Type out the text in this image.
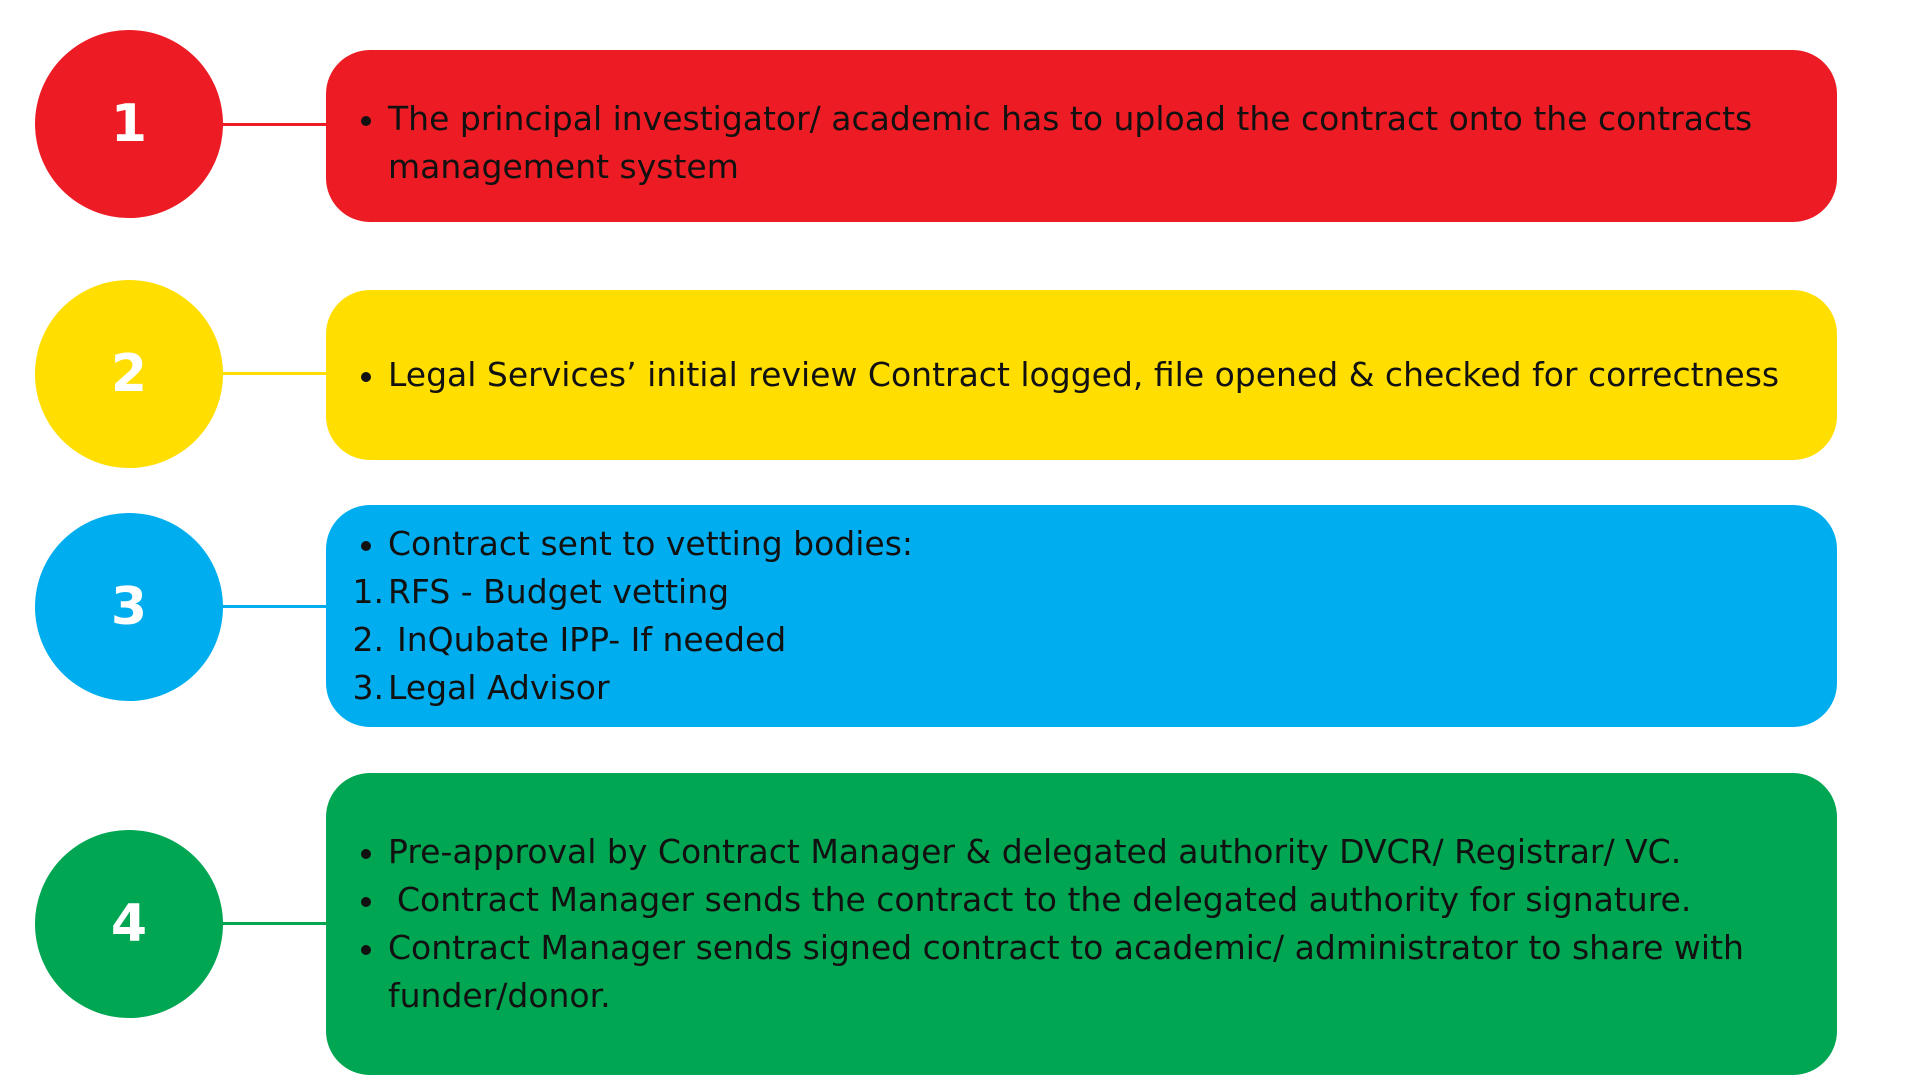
1	The principal investigator/ academic has to upload the contract onto the contracts management system
2	Legal Services’ initial review Contract logged, file opened & checked for correctness
3
Contract sent to vetting bodies:
1. RFS - Budget vetting
2. InQubate IPP- If needed
3. Legal Advisor
4
Pre-approval by Contract Manager & delegated authority DVCR/ Registrar/ VC.
Contract Manager sends the contract to the delegated authority for signature.
Contract Manager sends signed contract to academic/ administrator to share with funder/donor.
